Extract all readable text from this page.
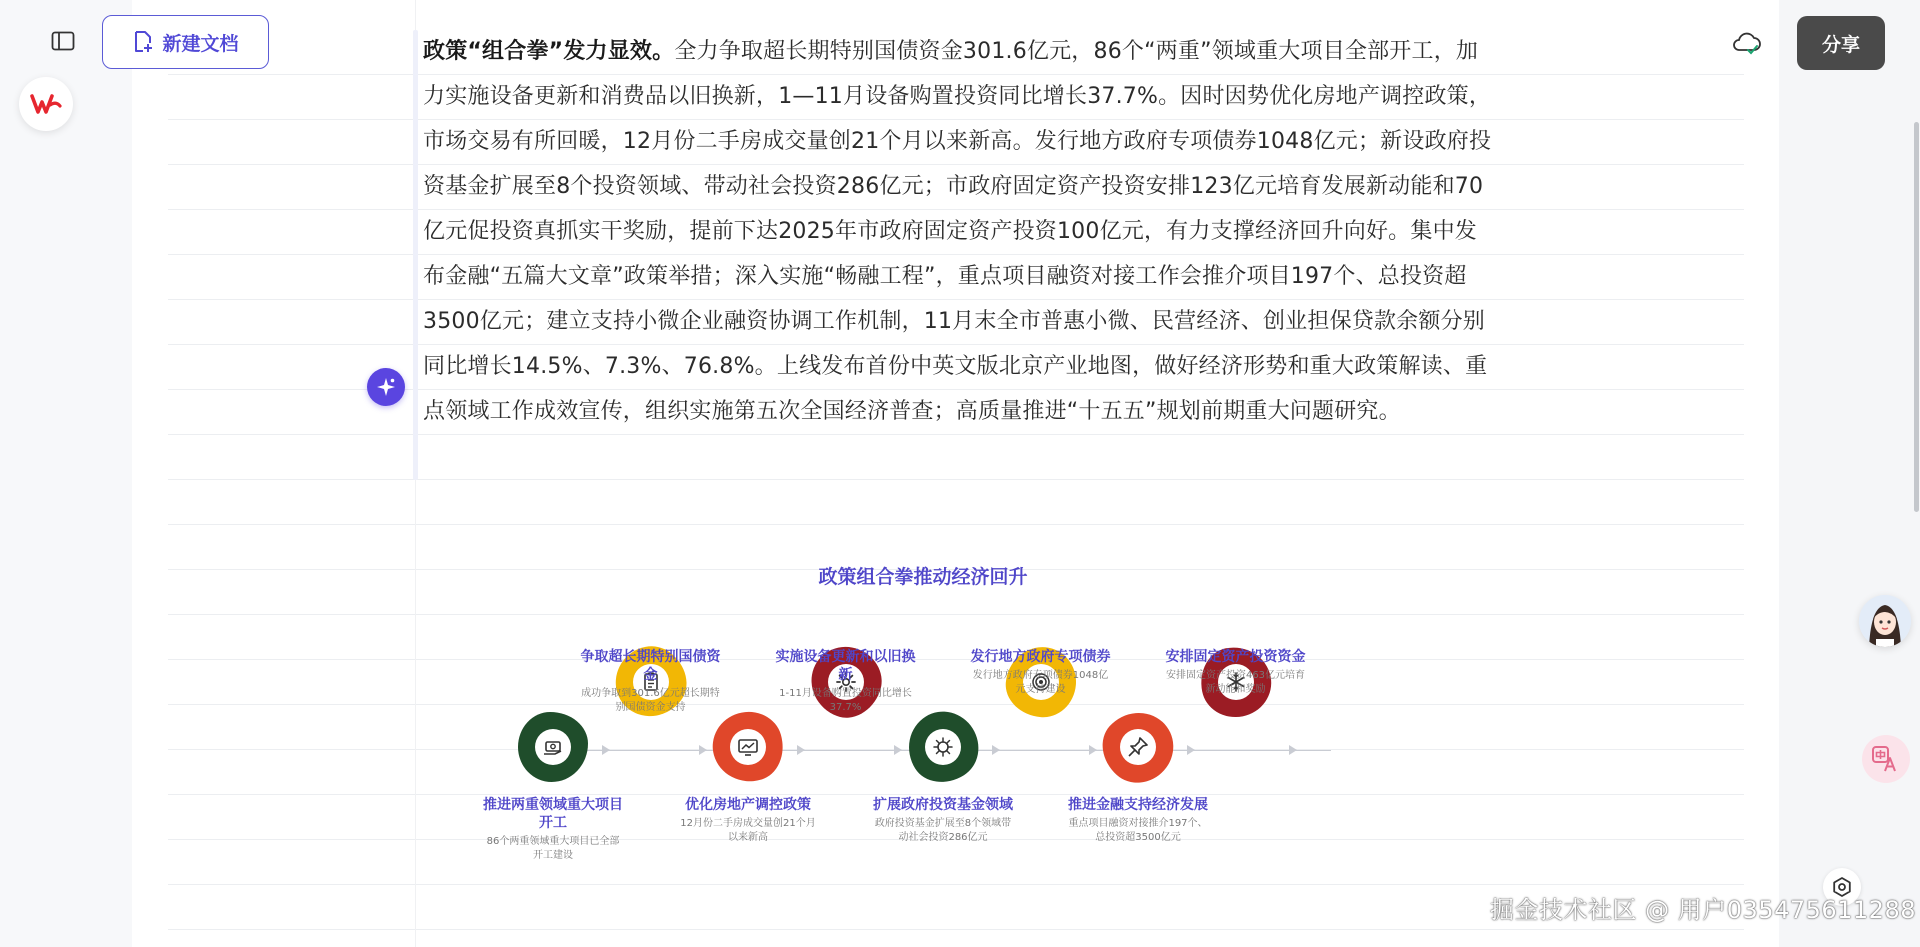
新建文档	政策“组合拳”发力显效。全力争取超长期特别国债资金301.6亿元，86个“两重”领域重大项目全部开工，加力实施设备更新和消费品以旧换新，1—11月设备购置投资同比增长37.7%。因时因势优化房地产调控政策，市场交易有所回暖，12月份二手房成交量创21个月以来新高。发行地方政府专项债券1048亿元；新设政府投资基金扩展至8个投资领域、带动社会投资286亿元；市政府固定资产投资安排123亿元培育发展新动能和70亿元促投资真抓实干奖励，提前下达2025年市政府固定资产投资100亿元，有力支撑经济回升向好。集中发布金融“五篇大文章”政策举措；深入实施“畅融工程”，重点项目融资对接工作会推介项目197个、总投资超3500亿元；建立支持小微企业融资协调工作机制，11月末全市普惠小微、民营经济、创业担保贷款余额分别同比增长14.5%、7.3%、76.8%。上线发布首份中英文版北京产业地图，做好经济形势和重大政策解读、重点领域工作成效宣传，组织实施第五次全国经济普查；高质量推进“十五五”规划前期重大问题研究。
政策组合拳推动经济回升
推进两重领域重大项目开工
86个两重领域重大项目已全部开工建设
争取超长期特别国债资金
成功争取到301.6亿元超长期特别国债资金支持
优化房地产调控政策
12月份二手房成交量创21个月以来新高
实施设备更新和以旧换新
1-11月设备购置投资同比增长37.7%
扩展政府投资基金领域
政府投资基金扩展至8个领域带动社会投资286亿元
发行地方政府专项债券
发行地方政府专项债券1048亿元支持建设
推进金融支持经济发展
重点项目融资对接推介197个、总投资超3500亿元
安排固定资产投资资金
安排固定资产投资463亿元培育新动能和奖励
分享
掘金技术社区 @ 用户035475611288
